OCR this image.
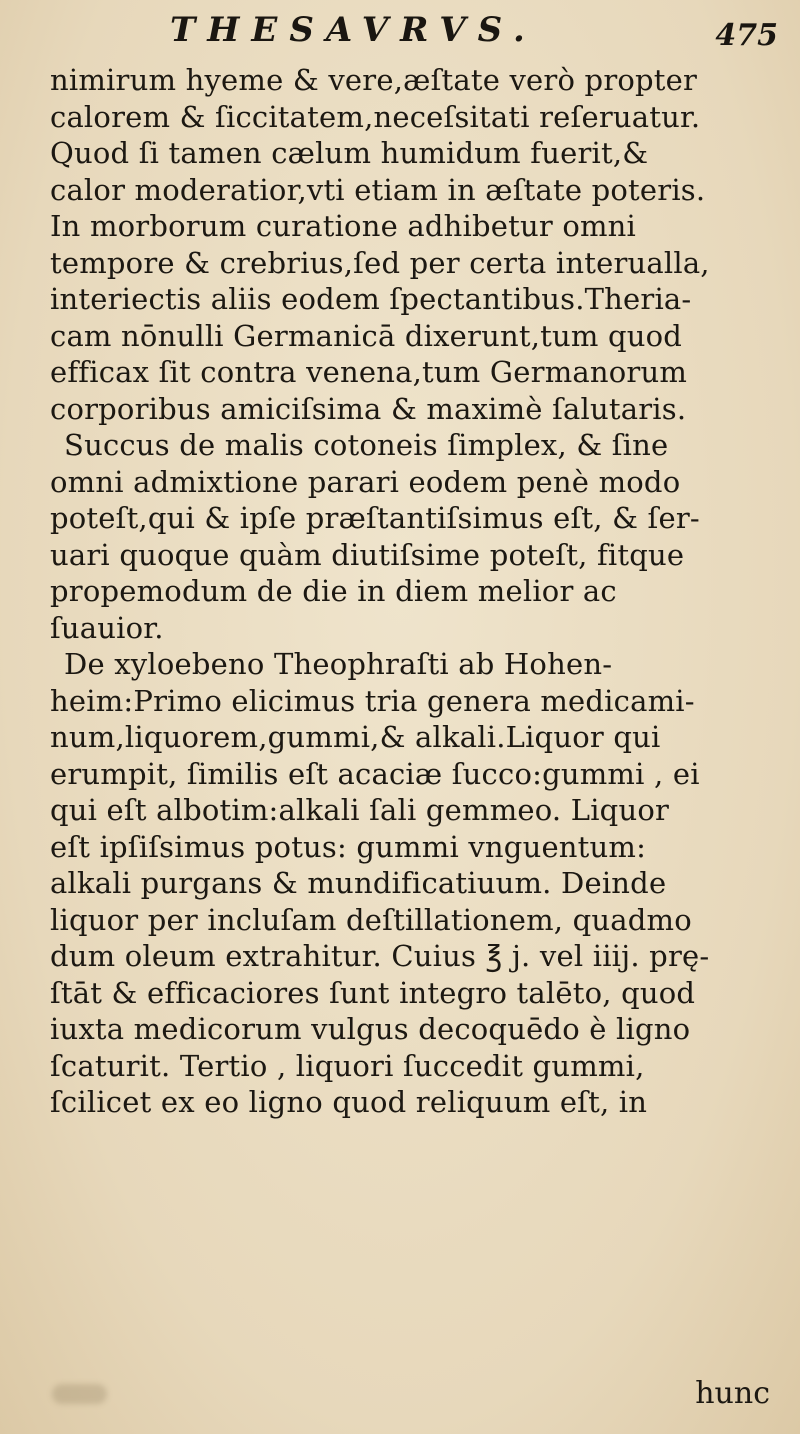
THESAVRVS.	475
nimirum hyeme & vere,æſtate verò propter
calorem & ſiccitatem,neceſsitati reſeruatur.
Quod ſi tamen cælum humidum fuerit,&
calor moderatior,vti etiam in æſtate poteris.
In morborum curatione adhibetur omni
tempore & crebrius,ſed per certa interualla,
interiectis aliis eodem ſpectantibus.Theria-
cam nōnulli Germanicā dixerunt,tum quod
efficax ſit contra venena,tum Germanorum
corporibus amiciſsima & maximè ſalutaris.
Succus de malis cotoneis ſimplex, & ſine
omni admixtione parari eodem penè modo
poteſt,qui & ipſe præſtantiſsimus eſt, & ſer-
uari quoque quàm diutiſsime poteſt, fitque
propemodum de die in diem melior ac
ſuauior.
De xyloebeno Theophraſti ab Hohen-
heim:Primo elicimus tria genera medicami-
num,liquorem,gummi,& alkali.Liquor qui
erumpit, ſimilis eſt acaciæ ſucco:gummi , ei
qui eſt albotim:alkali ſali gemmeo. Liquor
eſt ipſiſsimus potus: gummi vnguentum:
alkali purgans & mundificatiuum. Deinde
liquor per incluſam deſtillationem, quadmo
dum oleum extrahitur. Cuius ℥ j. vel iiij. prę-
ſtāt & efficaciores ſunt integro talēto, quod
iuxta medicorum vulgus decoquēdo è ligno
ſcaturit. Tertio , liquori ſuccedit gummi,
ſcilicet ex eo ligno quod reliquum eſt, in
hunc
